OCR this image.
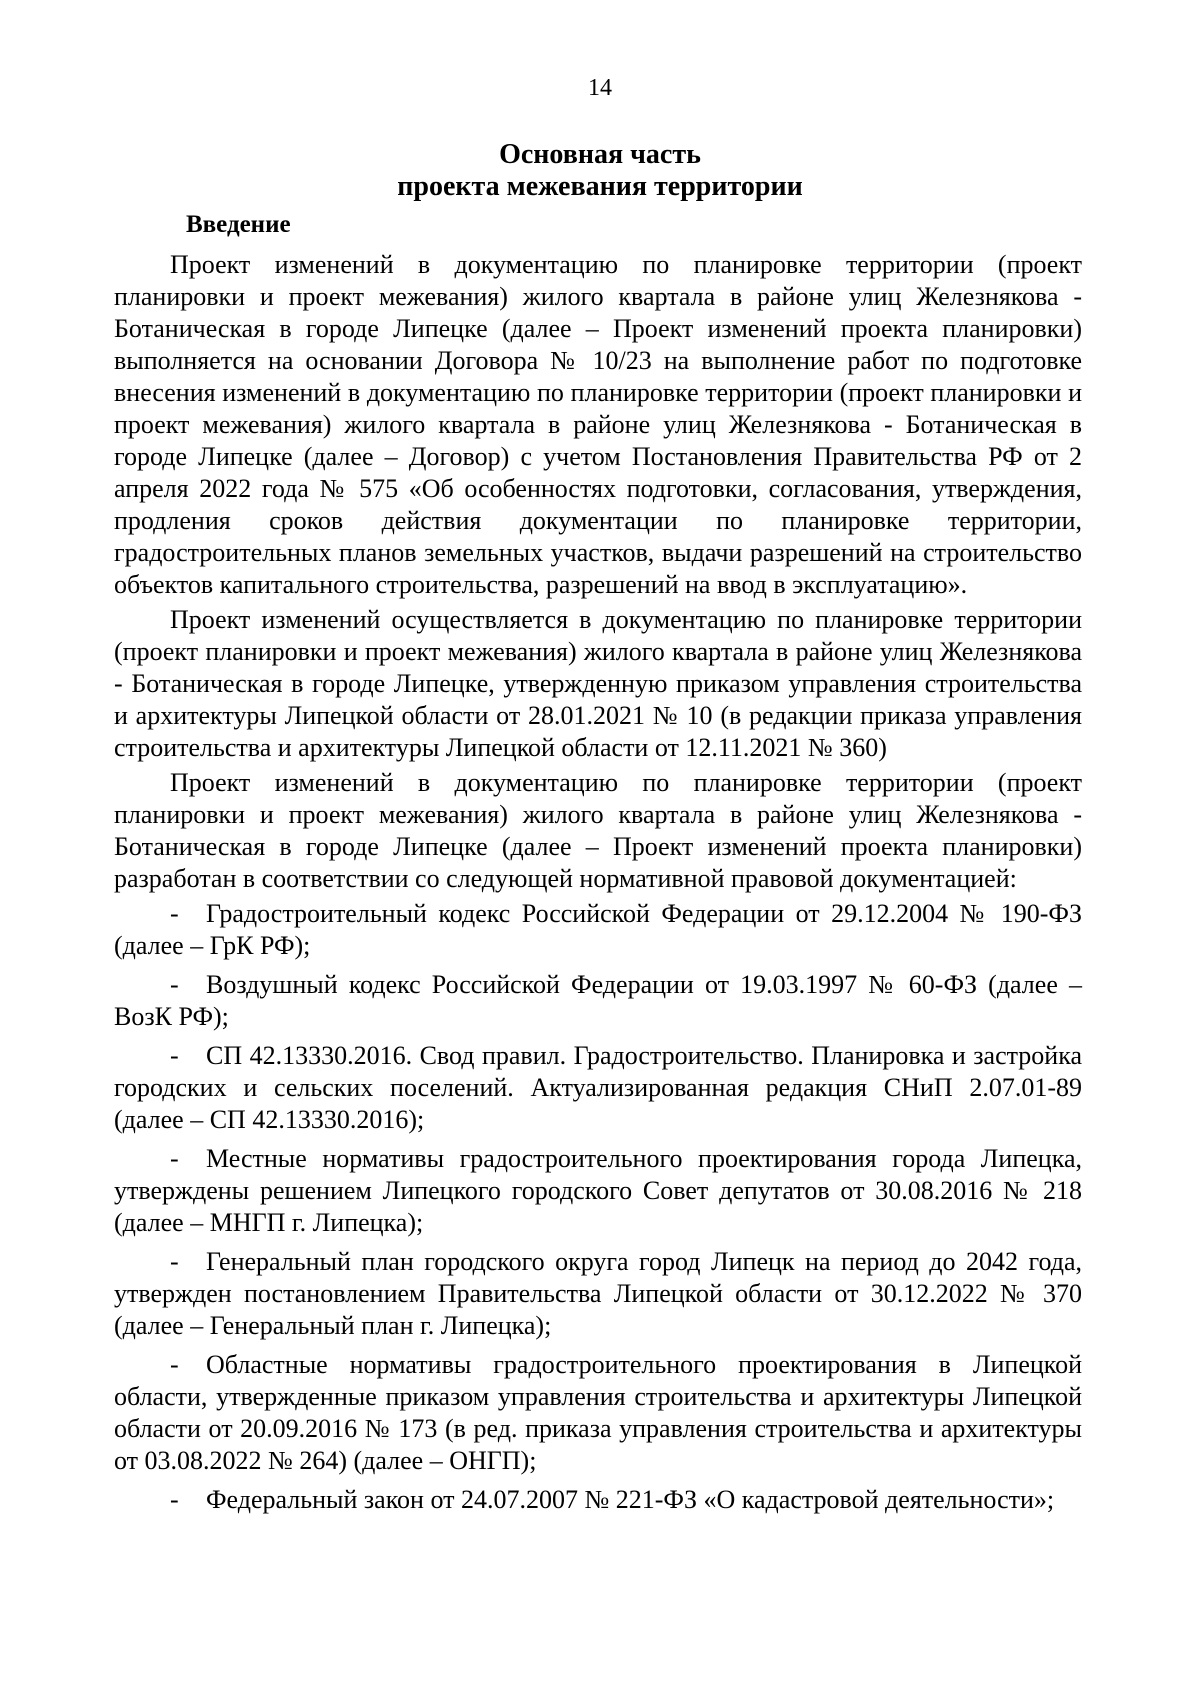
14
Основная часть
проекта межевания территории
Введение

Проект изменений в документацию по планировке территории (проект планировки и проект межевания) жилого квартала в районе улиц Железнякова - Ботаническая в городе Липецке (далее – Проект изменений проекта планировки) выполняется на основании Договора № 10/23 на выполнение работ по подготовке внесения изменений в документацию по планировке территории (проект планировки и проект межевания) жилого квартала в районе улиц Железнякова - Ботаническая в городе Липецке (далее – Договор) с учетом Постановления Правительства РФ от 2 апреля 2022 года № 575 «Об особенностях подготовки, согласования, утверждения, продления сроков действия документации по планировке территории, градостроительных планов земельных участков, выдачи разрешений на строительство объектов капитального строительства, разрешений на ввод в эксплуатацию».

Проект изменений осуществляется в документацию по планировке территории (проект планировки и проект межевания) жилого квартала в районе улиц Железнякова - Ботаническая в городе Липецке, утвержденную приказом управления строительства и архитектуры Липецкой области от 28.01.2021 № 10 (в редакции приказа управления строительства и архитектуры Липецкой области от 12.11.2021 № 360)

Проект изменений в документацию по планировке территории (проект планировки и проект межевания) жилого квартала в районе улиц Железнякова - Ботаническая в городе Липецке (далее – Проект изменений проекта планировки) разработан в соответствии со следующей нормативной правовой документацией:

- Градостроительный кодекс Российской Федерации от 29.12.2004 № 190-ФЗ (далее – ГрК РФ);
- Воздушный кодекс Российской Федерации от 19.03.1997 № 60-ФЗ (далее – ВозК РФ);
- СП 42.13330.2016. Свод правил. Градостроительство. Планировка и застройка городских и сельских поселений. Актуализированная редакция СНиП 2.07.01-89 (далее – СП 42.13330.2016);
- Местные нормативы градостроительного проектирования города Липецка, утверждены решением Липецкого городского Совет депутатов от 30.08.2016 № 218 (далее – МНГП г. Липецка);
- Генеральный план городского округа город Липецк на период до 2042 года, утвержден постановлением Правительства Липецкой области от 30.12.2022 № 370 (далее – Генеральный план г. Липецка);
- Областные нормативы градостроительного проектирования в Липецкой области, утвержденные приказом управления строительства и архитектуры Липецкой области от 20.09.2016 № 173 (в ред. приказа управления строительства и архитектуры от 03.08.2022 № 264) (далее – ОНГП);
- Федеральный закон от 24.07.2007 № 221-ФЗ «О кадастровой деятельности»;
